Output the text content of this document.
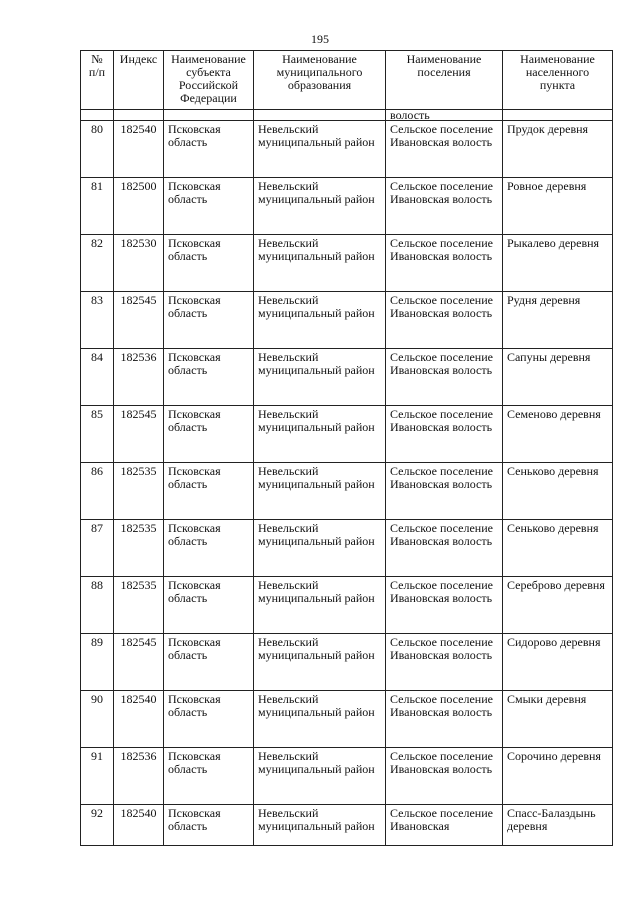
195
№ п/п	Индекс	Наименование субъекта Российской Федерации	Наименование муниципального образования	Наименование поселения	Наименование населенного пункта
				волость	
80	182540	Псковская область	Невельский муниципальный район	Сельское поселение Ивановская волость	Прудок деревня
81	182500	Псковская область	Невельский муниципальный район	Сельское поселение Ивановская волость	Ровное деревня
82	182530	Псковская область	Невельский муниципальный район	Сельское поселение Ивановская волость	Рыкалево деревня
83	182545	Псковская область	Невельский муниципальный район	Сельское поселение Ивановская волость	Рудня деревня
84	182536	Псковская область	Невельский муниципальный район	Сельское поселение Ивановская волость	Сапуны деревня
85	182545	Псковская область	Невельский муниципальный район	Сельское поселение Ивановская волость	Семеново деревня
86	182535	Псковская область	Невельский муниципальный район	Сельское поселение Ивановская волость	Сеньково деревня
87	182535	Псковская область	Невельский муниципальный район	Сельское поселение Ивановская волость	Сеньково деревня
88	182535	Псковская область	Невельский муниципальный район	Сельское поселение Ивановская волость	Серeброво деревня
89	182545	Псковская область	Невельский муниципальный район	Сельское поселение Ивановская волость	Сидорово деревня
90	182540	Псковская область	Невельский муниципальный район	Сельское поселение Ивановская волость	Смыки деревня
91	182536	Псковская область	Невельский муниципальный район	Сельское поселение Ивановская волость	Сорочино деревня
92	182540	Псковская область	Невельский муниципальный район	Сельское поселение Ивановская	Спасс-Балаздынь деревня
